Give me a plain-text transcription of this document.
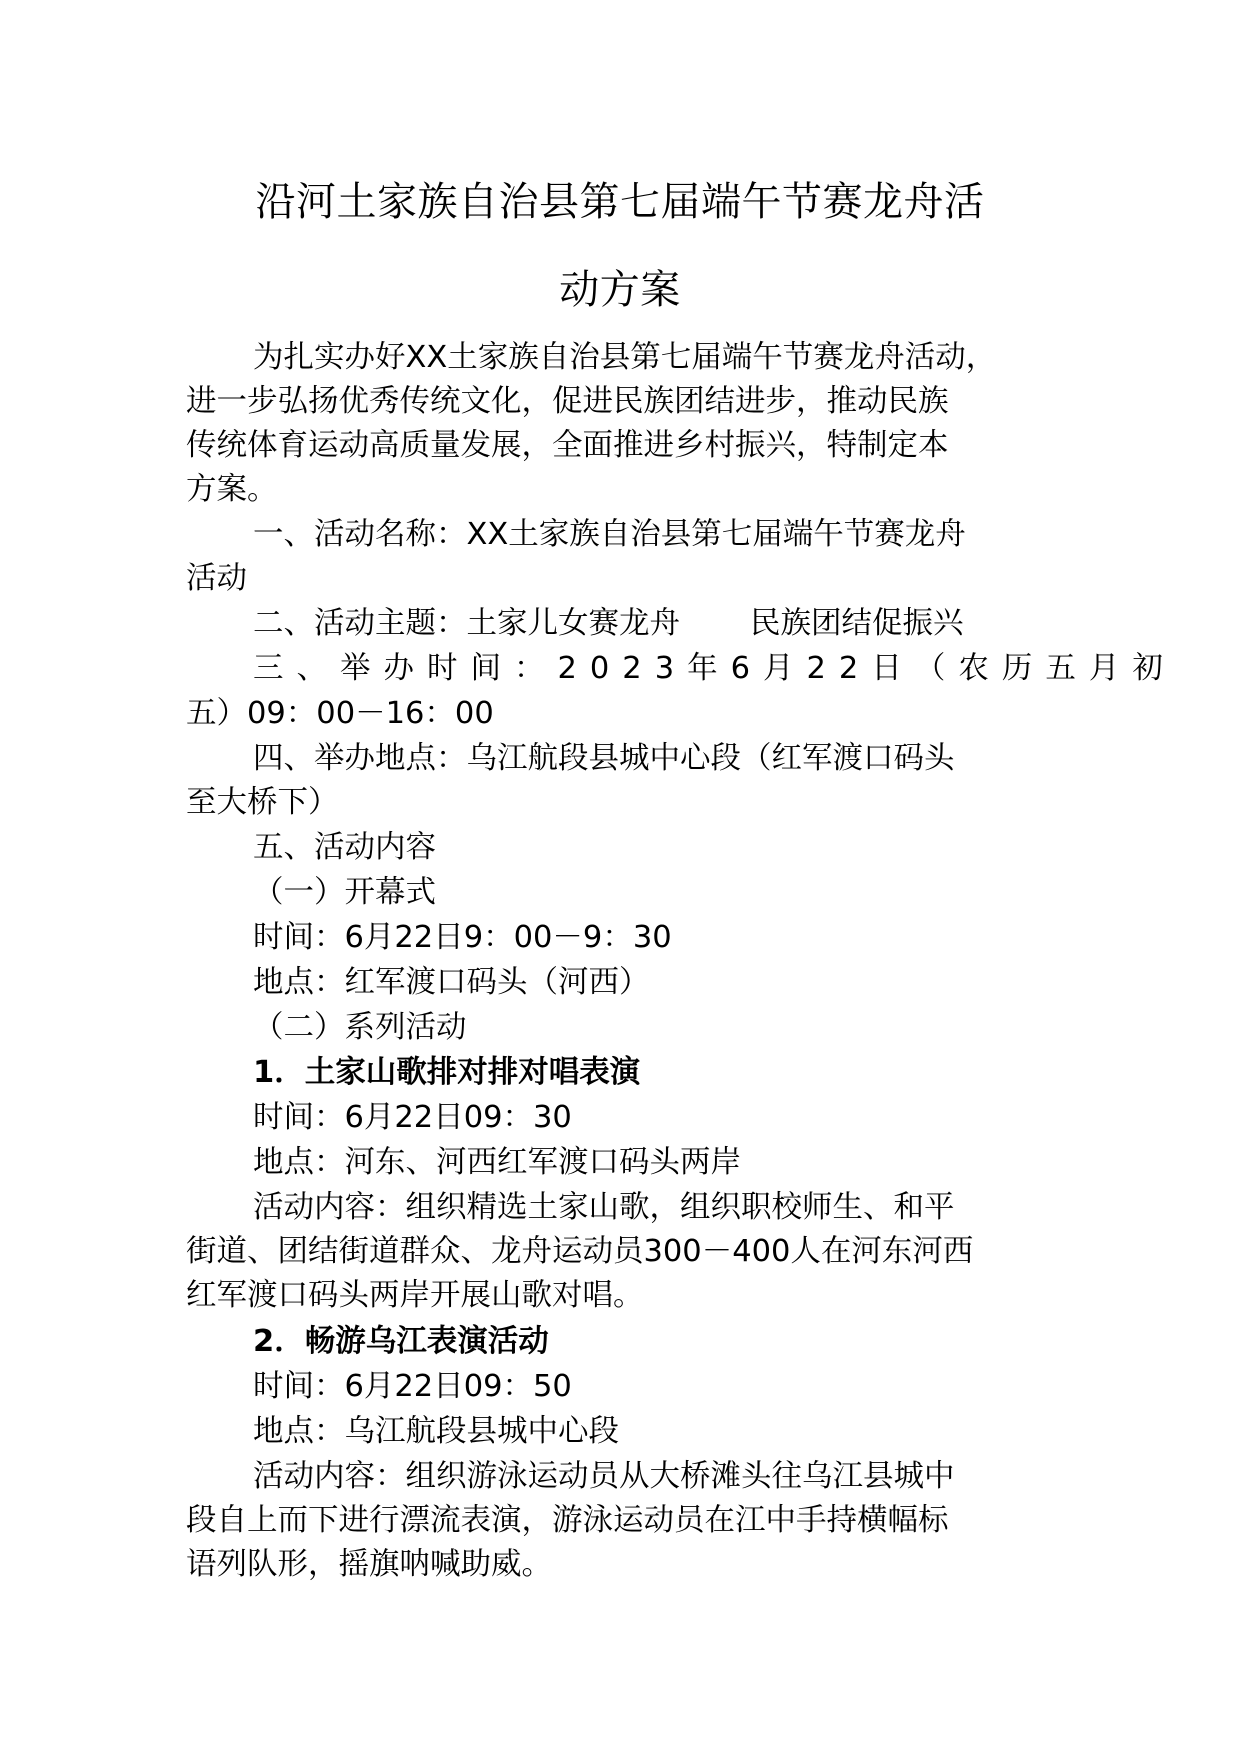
沿河土家族自治县第七届端午节赛龙舟活
动方案
为扎实办好XX土家族自治县第七届端午节赛龙舟活动，
进一步弘扬优秀传统文化，促进民族团结进步，推动民族
传统体育运动高质量发展，全面推进乡村振兴，特制定本
方案。
一、活动名称：XX土家族自治县第七届端午节赛龙舟
活动
二、活动主题：土家儿女赛龙舟 民族团结促振兴
三、举办时间：2023年6月22日（农历五月初
五）09：00－16：00
四、举办地点：乌江航段县城中心段（红军渡口码头
至大桥下）
五、活动内容
（一）开幕式
时间：6月22日9：00－9：30
地点：红军渡口码头（河西）
（二）系列活动
1．土家山歌排对排对唱表演
时间：6月22日09：30
地点：河东、河西红军渡口码头两岸
活动内容：组织精选土家山歌，组织职校师生、和平
街道、团结街道群众、龙舟运动员300－400人在河东河西
红军渡口码头两岸开展山歌对唱。
2．畅游乌江表演活动
时间：6月22日09：50
地点：乌江航段县城中心段
活动内容：组织游泳运动员从大桥滩头往乌江县城中
段自上而下进行漂流表演，游泳运动员在江中手持横幅标
语列队形，摇旗呐喊助威。
